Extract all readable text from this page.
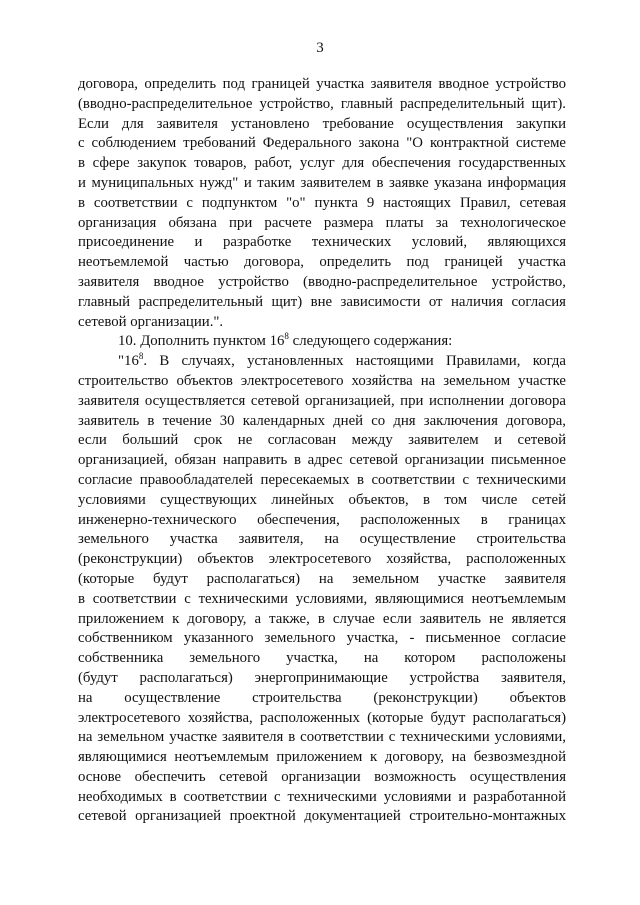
3
договора, определить под границей участка заявителя вводное устройство
(вводно-распределительное устройство, главный распределительный щит).
Если для заявителя установлено требование осуществления закупки
с соблюдением требований Федерального закона "О контрактной системе
в сфере закупок товаров, работ, услуг для обеспечения государственных
и муниципальных нужд" и таким заявителем в заявке указана информация
в соответствии с подпунктом "о" пункта 9 настоящих Правил, сетевая
организация обязана при расчете размера платы за технологическое
присоединение и разработке технических условий, являющихся
неотъемлемой частью договора, определить под границей участка
заявителя вводное устройство (вводно-распределительное устройство,
главный распределительный щит) вне зависимости от наличия согласия
сетевой организации.".
10. Дополнить пунктом $16^8$ следующего содержания:
"$16^8$. В случаях, установленных настоящими Правилами, когда
строительство объектов электросетевого хозяйства на земельном участке
заявителя осуществляется сетевой организацией, при исполнении договора
заявитель в течение 30 календарных дней со дня заключения договора,
если больший срок не согласован между заявителем и сетевой
организацией, обязан направить в адрес сетевой организации письменное
согласие правообладателей пересекаемых в соответствии с техническими
условиями существующих линейных объектов, в том числе сетей
инженерно-технического обеспечения, расположенных в границах
земельного участка заявителя, на осуществление строительства
(реконструкции) объектов электросетевого хозяйства, расположенных
(которые будут располагаться) на земельном участке заявителя
в соответствии с техническими условиями, являющимися неотъемлемым
приложением к договору, а также, в случае если заявитель не является
собственником указанного земельного участка, - письменное согласие
собственника земельного участка, на котором расположены
(будут располагаться) энергопринимающие устройства заявителя,
на осуществление строительства (реконструкции) объектов
электросетевого хозяйства, расположенных (которые будут располагаться)
на земельном участке заявителя в соответствии с техническими условиями,
являющимися неотъемлемым приложением к договору, на безвозмездной
основе обеспечить сетевой организации возможность осуществления
необходимых в соответствии с техническими условиями и разработанной
сетевой организацией проектной документацией строительно-монтажных
